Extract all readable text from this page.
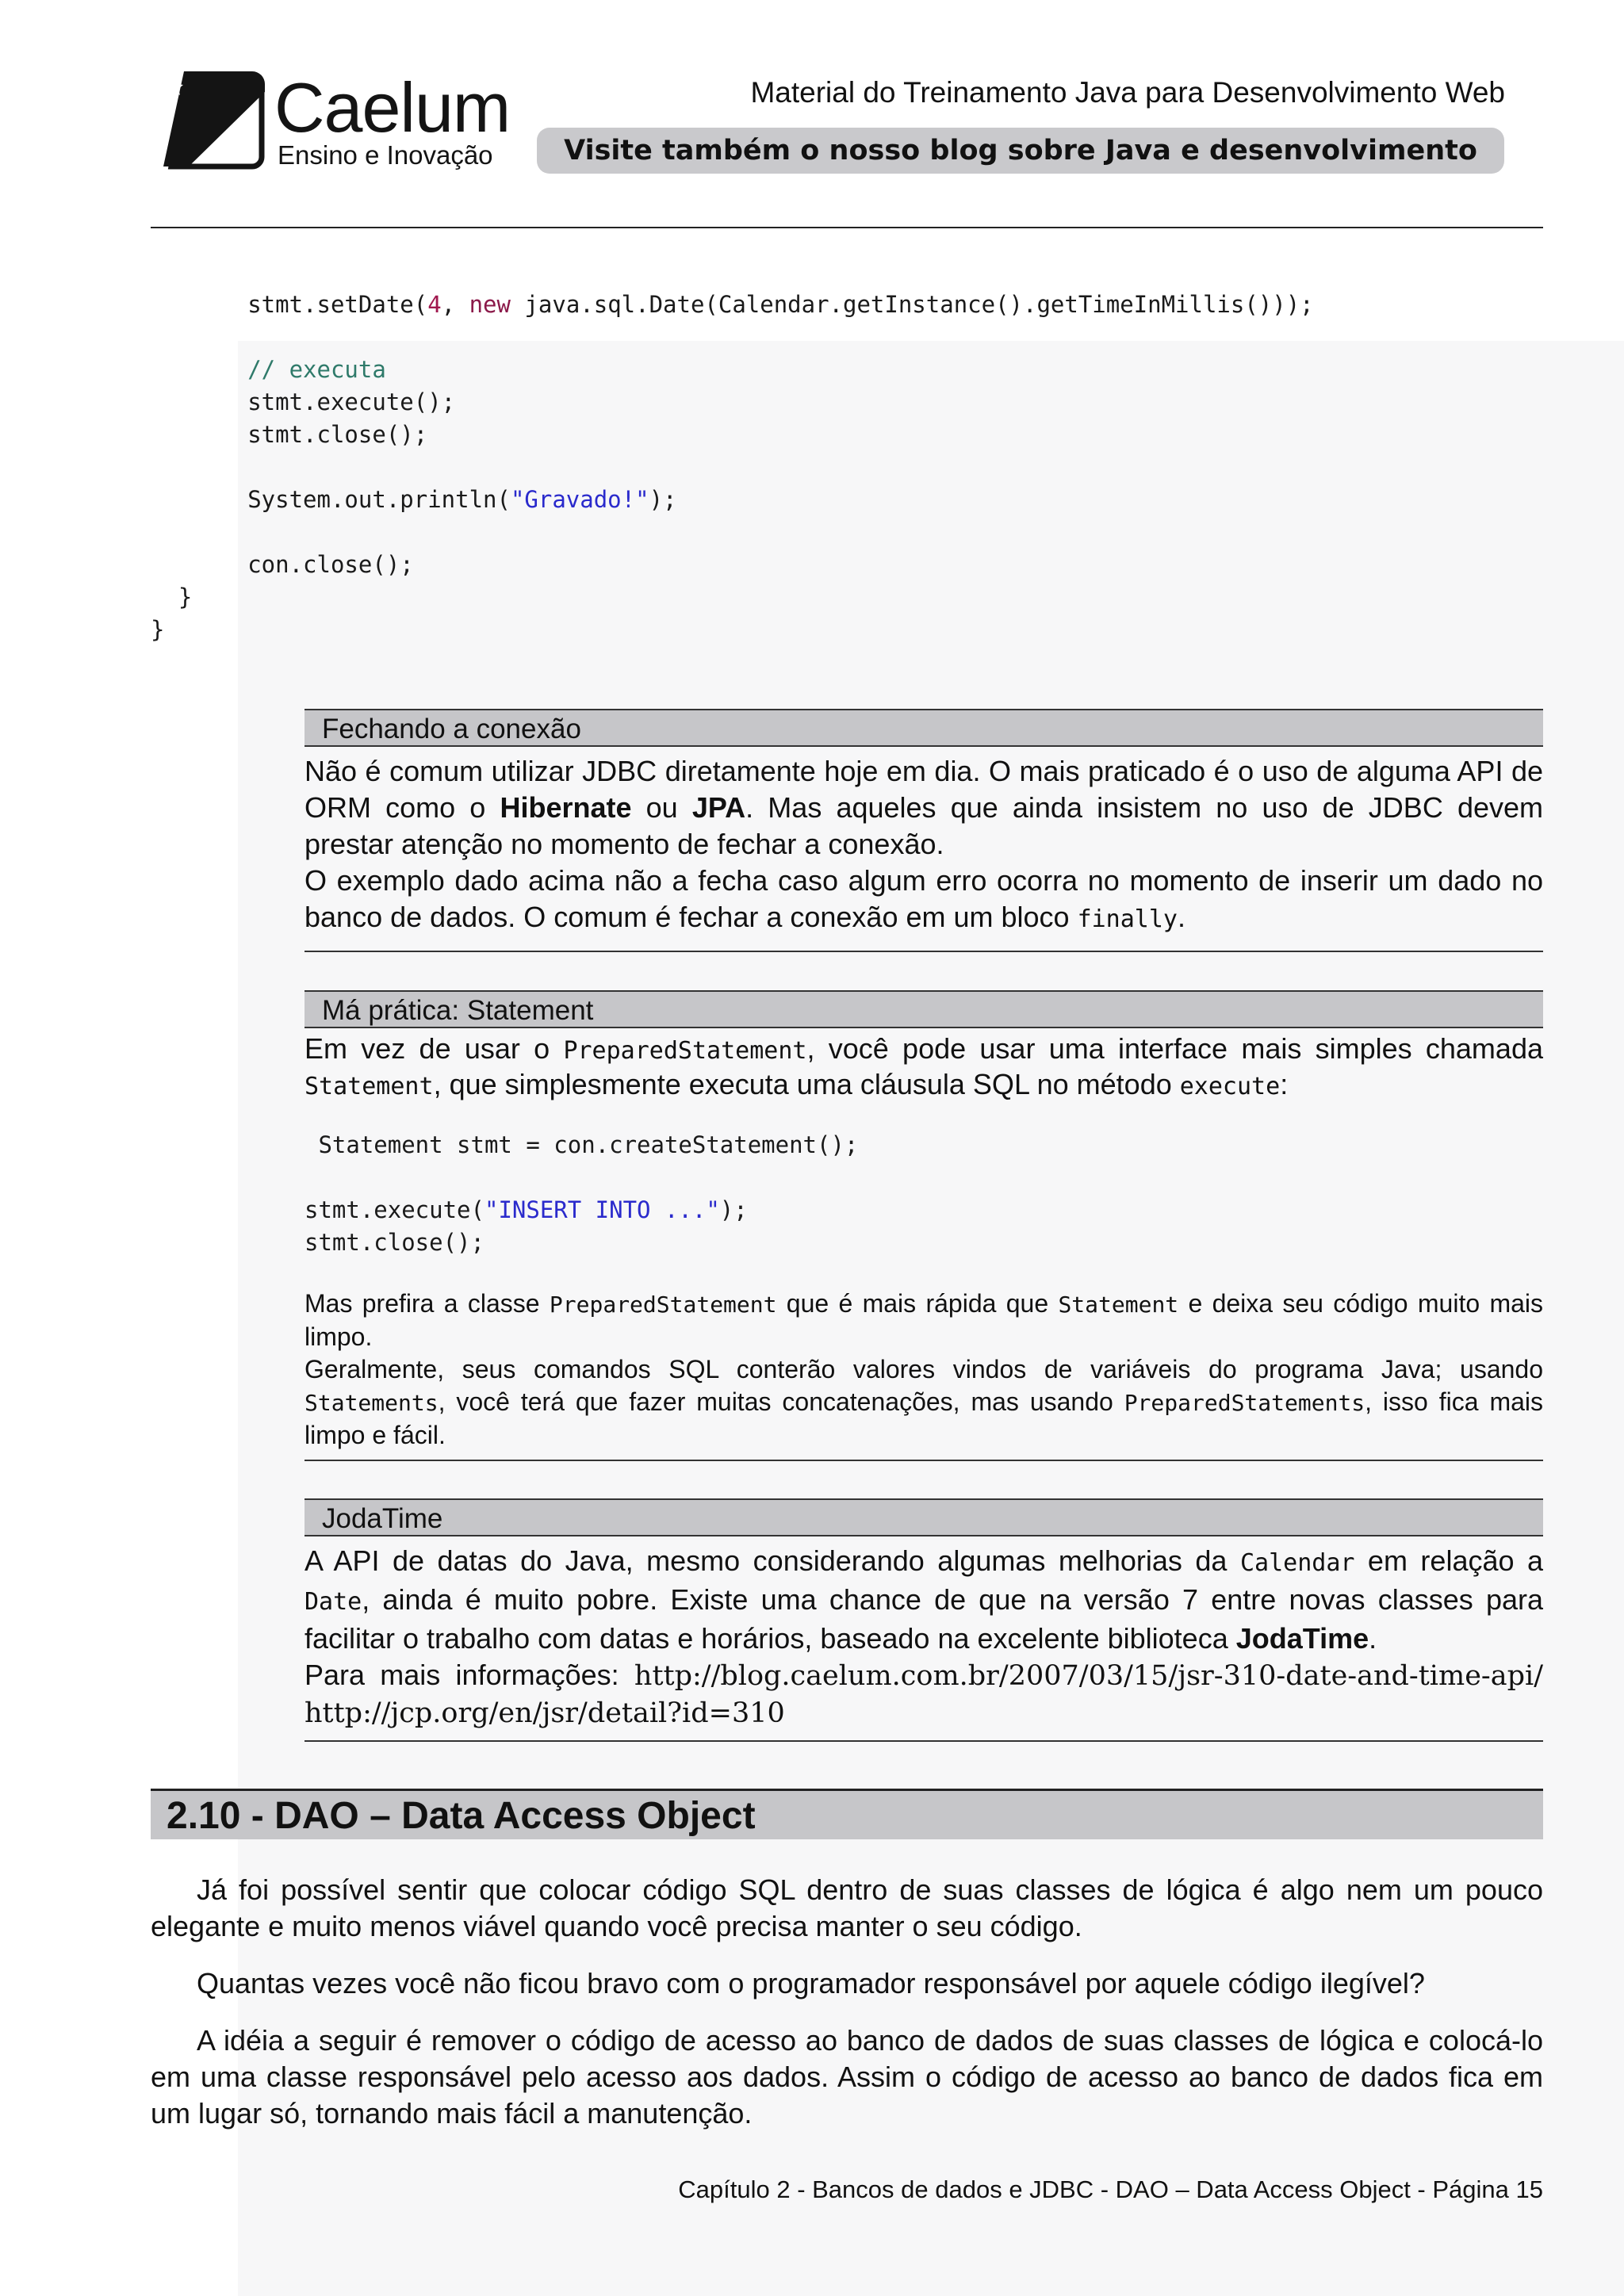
Caelum
Ensino e Inovação
Material do Treinamento Java para Desenvolvimento Web
Visite também o nosso blog sobre Java e desenvolvimento
stmt.setDate(4, new java.sql.Date(Calendar.getInstance().getTimeInMillis()));

// executa
stmt.execute();
stmt.close();

System.out.println("Gravado!");

con.close();
}
}
Fechando a conexão

Não é comum utilizar JDBC diretamente hoje em dia. O mais praticado é o uso de alguma API de ORM como o Hibernate ou JPA. Mas aqueles que ainda insistem no uso de JDBC devem prestar atenção no momento de fechar a conexão.

O exemplo dado acima não a fecha caso algum erro ocorra no momento de inserir um dado no banco de dados. O comum é fechar a conexão em um bloco finally.

Má prática: Statement

Em vez de usar o PreparedStatement, você pode usar uma interface mais simples chamada Statement, que simplesmente executa uma cláusula SQL no método execute:

Statement stmt = con.createStatement();

stmt.execute("INSERT INTO ...");
stmt.close();

Mas prefira a classe PreparedStatement que é mais rápida que Statement e deixa seu código muito mais limpo.

Geralmente, seus comandos SQL conterão valores vindos de variáveis do programa Java; usando Statements, você terá que fazer muitas concatenações, mas usando PreparedStatements, isso fica mais limpo e fácil.

JodaTime

A API de datas do Java, mesmo considerando algumas melhorias da Calendar em relação a Date, ainda é muito pobre. Existe uma chance de que na versão 7 entre novas classes para facilitar o trabalho com datas e horários, baseado na excelente biblioteca JodaTime.

Para mais informações: http://blog.caelum.com.br/2007/03/15/jsr-310-date-and-time-api/ http://jcp.org/en/jsr/detail?id=310

2.10 - DAO – Data Access Object

Já foi possível sentir que colocar código SQL dentro de suas classes de lógica é algo nem um pouco elegante e muito menos viável quando você precisa manter o seu código.

Quantas vezes você não ficou bravo com o programador responsável por aquele código ilegível?

A idéia a seguir é remover o código de acesso ao banco de dados de suas classes de lógica e colocá-lo em uma classe responsável pelo acesso aos dados. Assim o código de acesso ao banco de dados fica em um lugar só, tornando mais fácil a manutenção.

Capítulo 2 - Bancos de dados e JDBC - DAO – Data Access Object - Página 15
